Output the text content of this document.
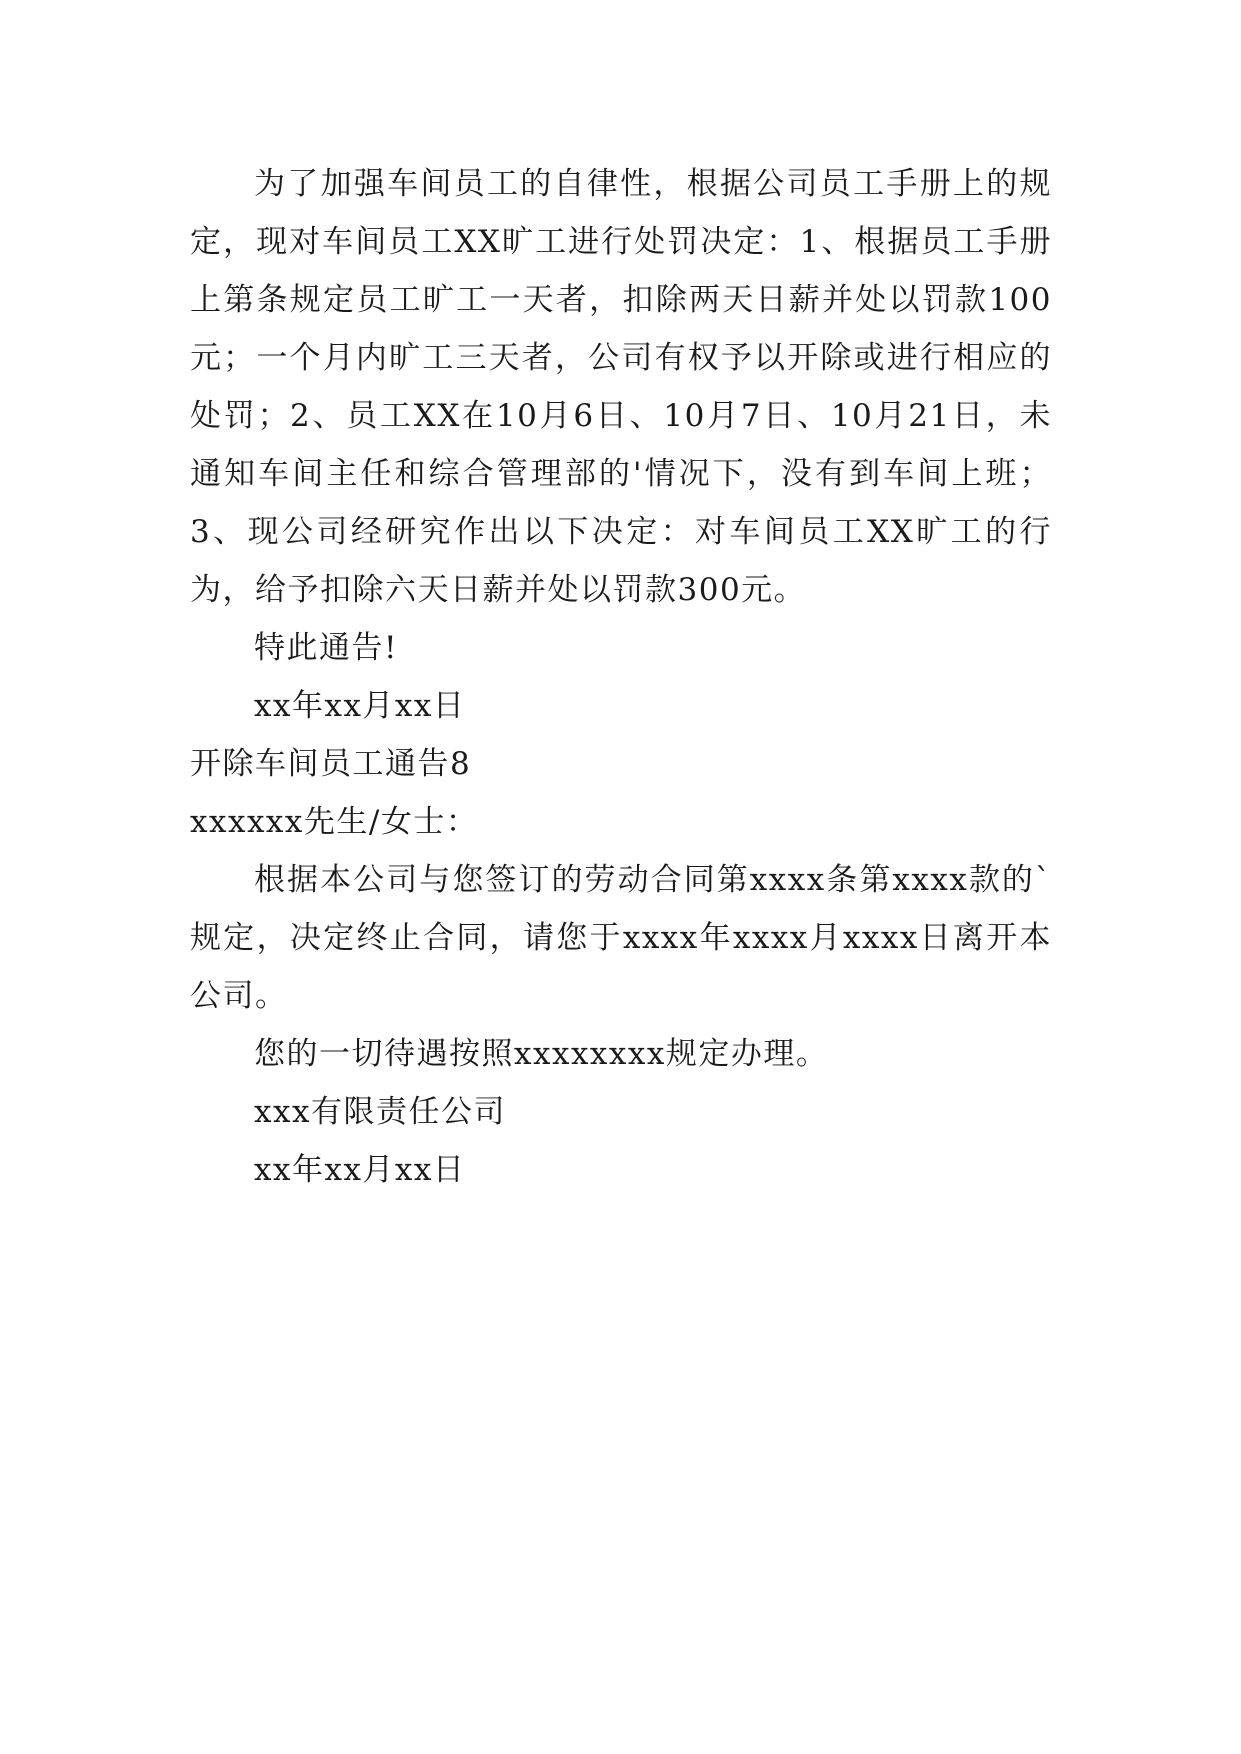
为了加强车间员工的自律性，根据公司员工手册上的规定，现对车间员工XX旷工进行处罚决定：1、根据员工手册上第条规定员工旷工一天者，扣除两天日薪并处以罚款100元；一个月内旷工三天者，公司有权予以开除或进行相应的处罚；2、员工XX在10月6日、10月7日、10月21日，未通知车间主任和综合管理部的'情况下，没有到车间上班；3、现公司经研究作出以下决定：对车间员工XX旷工的行为，给予扣除六天日薪并处以罚款300元。

特此通告!

xx年xx月xx日

开除车间员工通告8

xxxxxx先生/女士：

根据本公司与您签订的劳动合同第xxxx条第xxxx款的`规定，决定终止合同，请您于xxxx年xxxx月xxxx日离开本公司。

您的一切待遇按照xxxxxxxx规定办理。

xxx有限责任公司

xx年xx月xx日
